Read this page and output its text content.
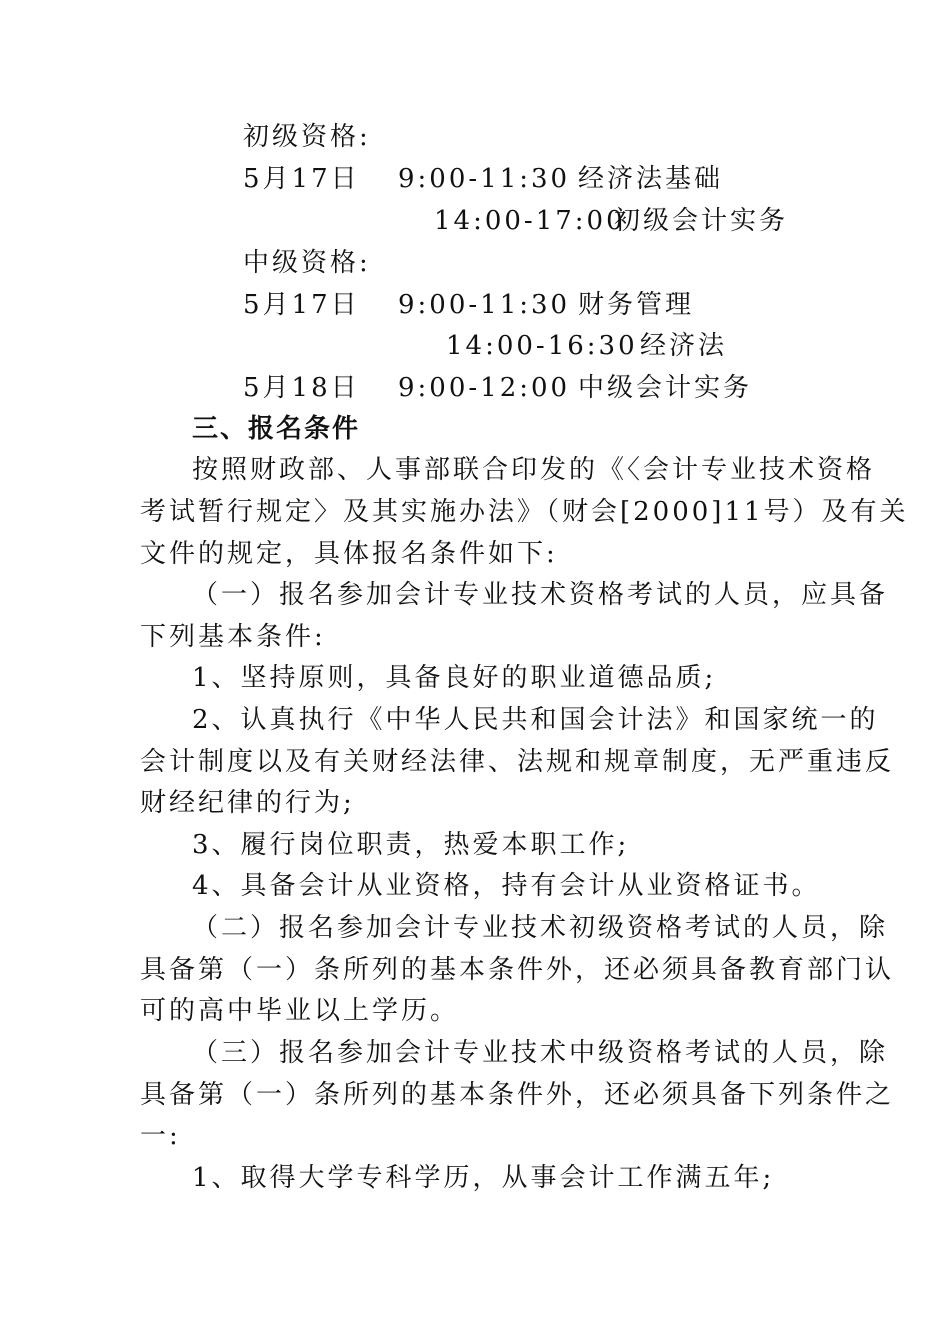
初级资格:
5月17日 9:00-11:30 经济法基础
14:00-17:00
初级会计实务
中级资格:
5月17日 9:00-11:30 财务管理
14:00-16:30 经济法
5月18日 9:00-12:00 中级会计实务
三、报名条件
按照财政部、人事部联合印发的《〈会计专业技术资格
考试暂行规定〉及其实施办法》（财会[2000]11号）及有关
文件的规定，具体报名条件如下:
（一）报名参加会计专业技术资格考试的人员，应具备
下列基本条件:
1、坚持原则，具备良好的职业道德品质;
2、认真执行《中华人民共和国会计法》和国家统一的
会计制度以及有关财经法律、法规和规章制度，无严重违反
财经纪律的行为;
3、履行岗位职责，热爱本职工作;
4、具备会计从业资格，持有会计从业资格证书。
（二）报名参加会计专业技术初级资格考试的人员，除
具备第（一）条所列的基本条件外，还必须具备教育部门认
可的高中毕业以上学历。
（三）报名参加会计专业技术中级资格考试的人员，除
具备第（一）条所列的基本条件外，还必须具备下列条件之
一:
1、取得大学专科学历，从事会计工作满五年;
